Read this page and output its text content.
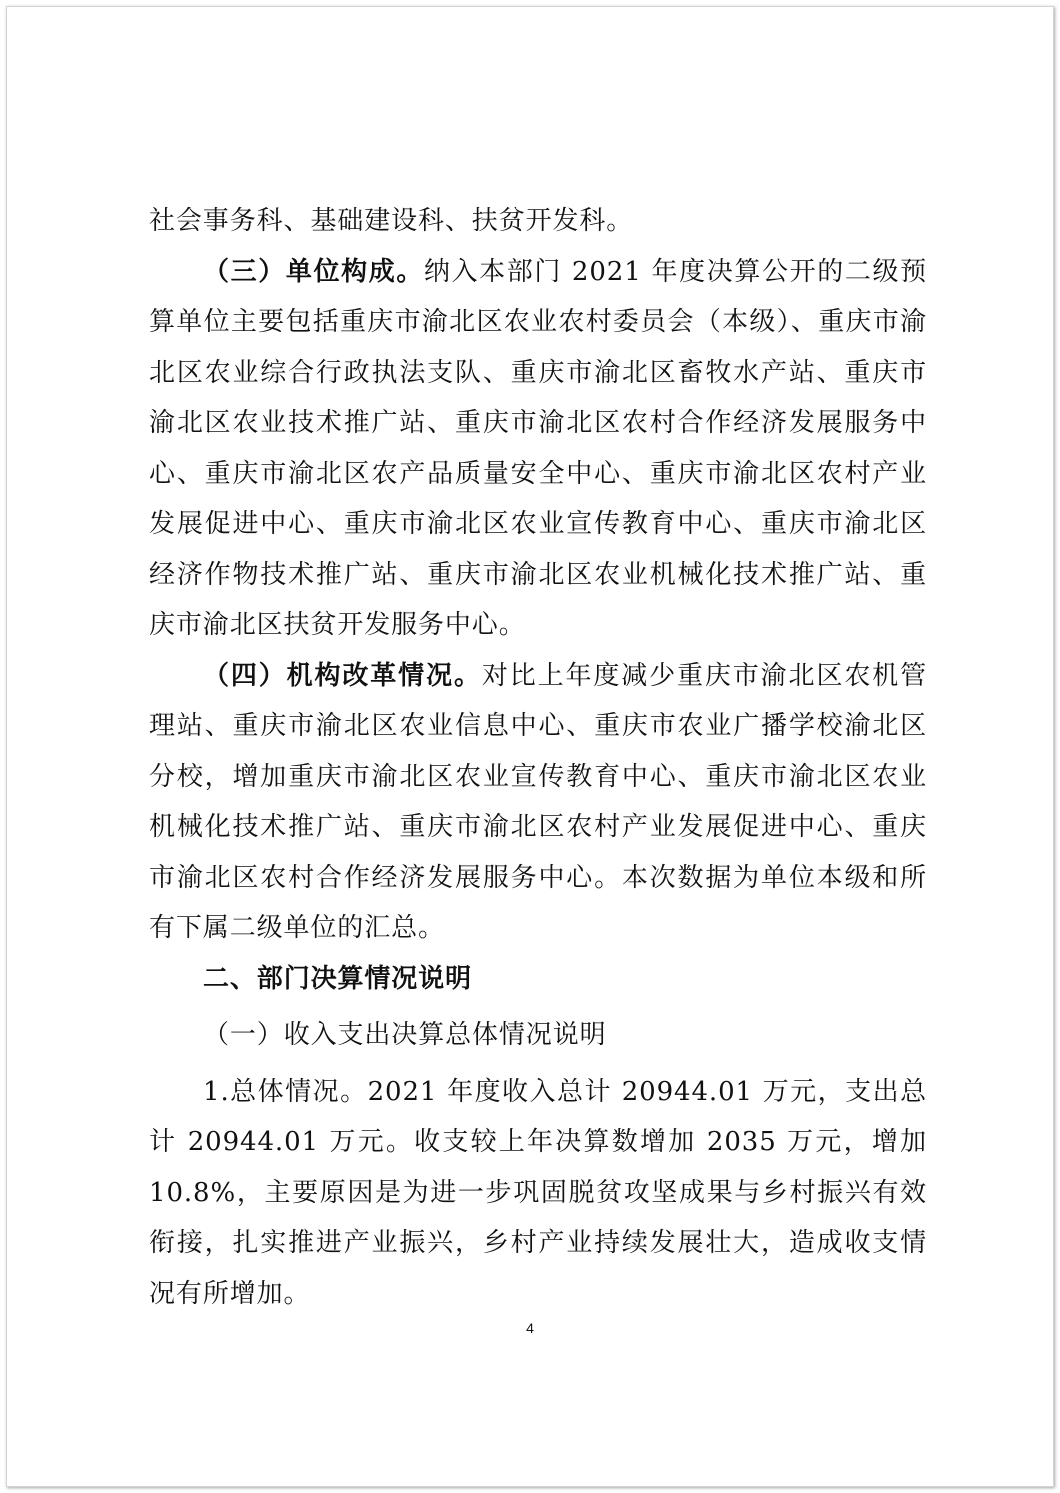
社会事务科、基础建设科、扶贫开发科。

（三）单位构成。纳入本部门 2021 年度决算公开的二级预算单位主要包括重庆市渝北区农业农村委员会（本级）、重庆市渝北区农业综合行政执法支队、重庆市渝北区畜牧水产站、重庆市渝北区农业技术推广站、重庆市渝北区农村合作经济发展服务中心、重庆市渝北区农产品质量安全中心、重庆市渝北区农村产业发展促进中心、重庆市渝北区农业宣传教育中心、重庆市渝北区经济作物技术推广站、重庆市渝北区农业机械化技术推广站、重庆市渝北区扶贫开发服务中心。

（四）机构改革情况。对比上年度减少重庆市渝北区农机管理站、重庆市渝北区农业信息中心、重庆市农业广播学校渝北区分校，增加重庆市渝北区农业宣传教育中心、重庆市渝北区农业机械化技术推广站、重庆市渝北区农村产业发展促进中心、重庆市渝北区农村合作经济发展服务中心。本次数据为单位本级和所有下属二级单位的汇总。

二、部门决算情况说明

（一）收入支出决算总体情况说明

1.总体情况。2021 年度收入总计 20944.01 万元，支出总计 20944.01 万元。收支较上年决算数增加 2035 万元，增加 10.8%，主要原因是为进一步巩固脱贫攻坚成果与乡村振兴有效衔接，扎实推进产业振兴，乡村产业持续发展壮大，造成收支情况有所增加。

4
